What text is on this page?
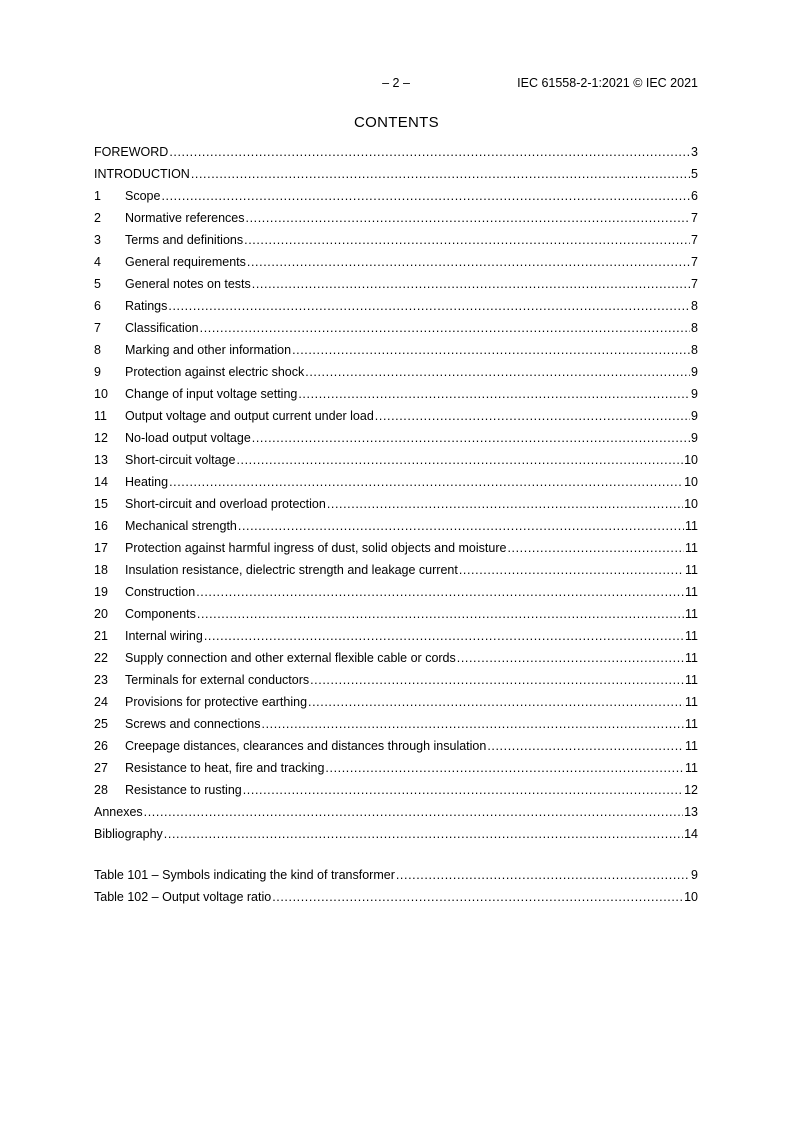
– 2 –	IEC 61558-2-1:2021 © IEC 2021
CONTENTS
FOREWORD .....	3
INTRODUCTION .....	5
1	Scope .....	6
2	Normative references .....	7
3	Terms and definitions .....	7
4	General requirements .....	7
5	General notes on tests .....	7
6	Ratings .....	8
7	Classification .....	8
8	Marking and other information .....	8
9	Protection against electric shock .....	9
10	Change of input voltage setting .....	9
11	Output voltage and output current under load .....	9
12	No-load output voltage .....	9
13	Short-circuit voltage .....	10
14	Heating .....	10
15	Short-circuit and overload protection .....	10
16	Mechanical strength .....	11
17	Protection against harmful ingress of dust, solid objects and moisture .....	11
18	Insulation resistance, dielectric strength and leakage current .....	11
19	Construction .....	11
20	Components .....	11
21	Internal wiring .....	11
22	Supply connection and other external flexible cable or cords .....	11
23	Terminals for external conductors .....	11
24	Provisions for protective earthing .....	11
25	Screws and connections .....	11
26	Creepage distances, clearances and distances through insulation .....	11
27	Resistance to heat, fire and tracking .....	11
28	Resistance to rusting .....	12
Annexes .....	13
Bibliography .....	14
Table 101 – Symbols indicating the kind of transformer .....	9
Table 102 – Output voltage ratio .....	10
